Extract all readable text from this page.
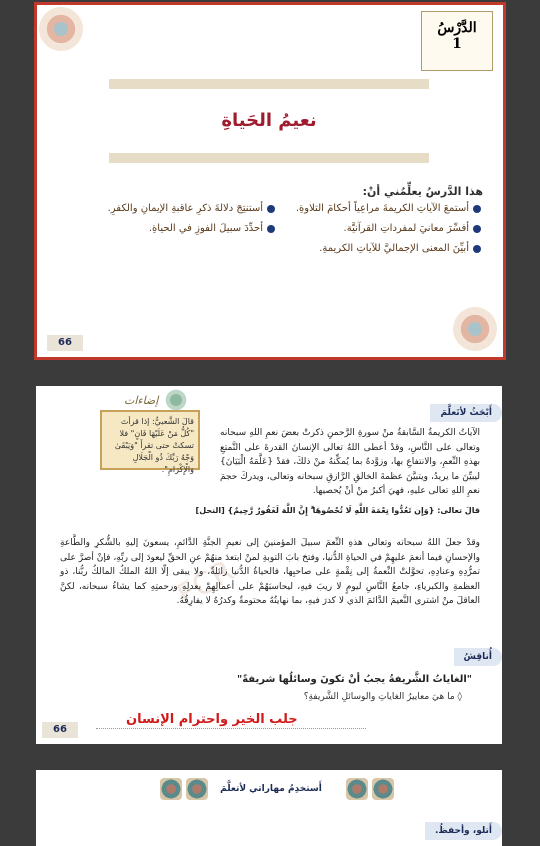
الدَّرْسُ
1
نعيمُ الحَياةِ
هذا الدَّرسُ يعلِّمُني أنْ:
أستمعَ الآياتِ الكريمةَ مراعِياً أحكامَ التلاوةِ.
أفسِّرَ معانيَ لمفرداتِ القرآنيَّة.
أبيِّنَ المعنى الإجماليَّ للآياتِ الكريمةِ.
أستنتِجَ دلالةَ ذكرِ عاقبةِ الإيمانِ والكفرِ.
أحدِّدَ سبيلَ الفوزِ في الحياةِ.
66
FCR
أَبْحَثُ لأتَعلَّمَ
إضاءات
قالَ الشَّعبيُّ: إذا قرأتَ "كُلُّ مَنْ عَلَيْهَا فَانٍ" فلا تسكتْ حتى تقرأَ "وَيَبْقَىٰ وَجْهُ رَبِّكَ ذُو الْجَلَالِ وَالْإِكْرَامِ".
الآياتُ الكريمةُ السَّابقةُ منْ سورةِ الرَّحمنِ ذكرتْ بعضَ نعمِ اللهِ سبحانه وتعالى على النَّاسِ، وقدْ أعطى اللهُ تعالى الإنسانَ القدرةَ على التَّمتعِ بهذهِ النِّعمِ، والانتفاعِ بها، وزوَّدهُ بما يُمكِّنهُ منْ ذلكَ، فقدْ {عَلَّمَهُ الْبَيَانَ} ليبيِّنَ ما يريدُ، ويتبيَّنَ عظمةَ الخالقِ الرَّازقِ سبحانه وتعالى، ويدركَ حجمَ نعمِ اللهِ تعالى عليهِ، فهيَ أكبرُ منْ أنْ يُحصيها.
قالَ تعالى: {وَإِن تَعُدُّوا نِعْمَةَ اللَّهِ لَا تُحْصُوهَا ۗ إِنَّ اللَّهَ لَغَفُورٌ رَّحِيمٌ} [النحل]
وقدْ جعلَ اللهُ سبحانه وتعالى هذهِ النِّعمَ سبيلَ المؤمنينَ إلى نعيمِ الجنَّةِ الدَّائمِ، يسعونَ إليهِ بالشُّكرِ والطَّاعةِ والإحسانِ فيما أنعمَ عليهِمْ في الحياةِ الدُّنيا، وفتحَ بابَ التوبةِ لمنْ ابتعدَ منهُمْ عنِ الحقِّ ليعودَ إلى ربِّهِ، فإنْ أصرَّ على تمرُّدِهِ وعنادِهِ، تحوَّلتْ النِّعمةُ إلى نِقْمةٍ على صاحبِها، فالحياةُ الدُّنيا زائلةٌ، ولا يبقى إلّا اللهُ الملكُ المالكُ ربُّنا، ذو العظمةِ والكبرياءِ، جامعُ النَّاسِ ليومٍ لا ريبَ فيهِ، ليحاسبَهُمْ على أعمالِهِمْ بعدلِهِ ورحمتِهِ كما يشاءُ سبحانه، لكنَّ العاقلَ منْ اشترى النَّعيمَ الدَّائمَ الذي لا كدرَ فيهِ، بما نهايتُهُ محتومةٌ وكدرُهُ لا يفارِقُهُ.
أُناقِشُ
"الغاياتُ الشَّريفةُ يجبُ أنْ تكونَ وسائلُها شريفةً"
◊ ما هيَ معاييرُ الغاياتِ والوسائلِ الشَّريفةِ؟
جلب الخير واحترام الإنسان
66
أَستخدِمُ مهاراتي لأتعلَّمَ
أَتلو، وأحفظُ.
